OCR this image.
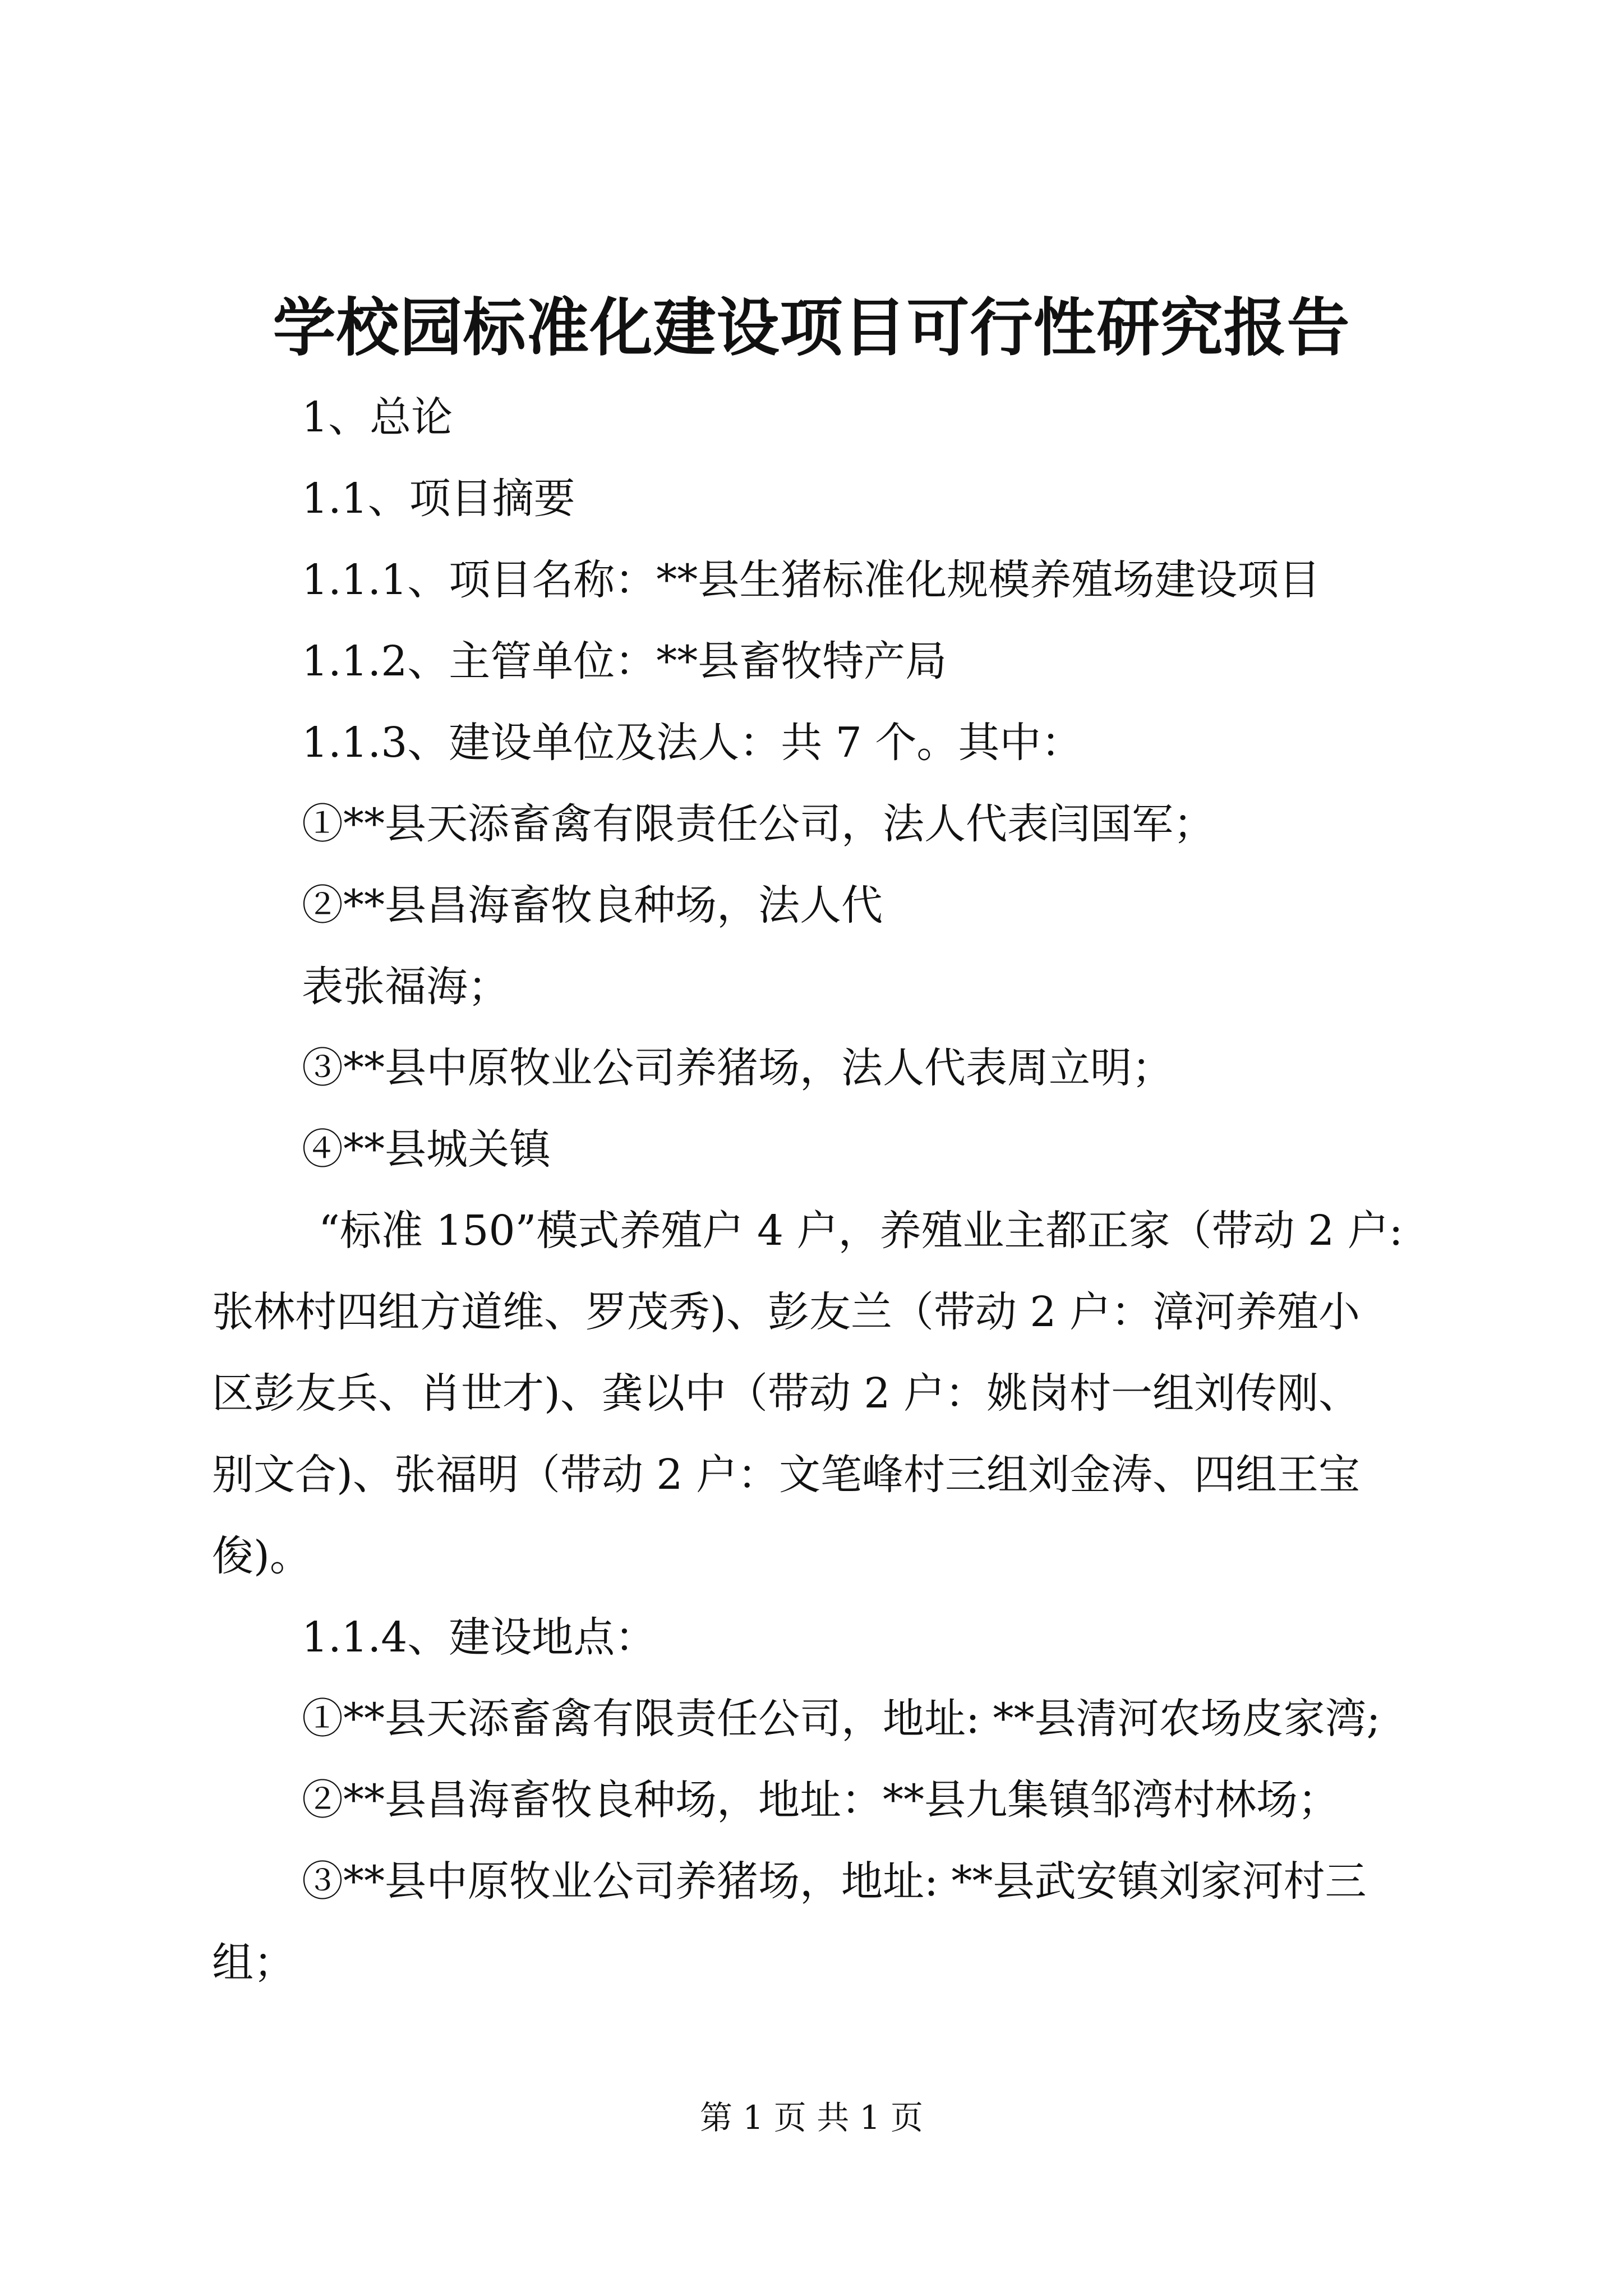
学校园标准化建设项目可行性研究报告
1、总论
1.1、项目摘要
1.1.1、项目名称：**县生猪标准化规模养殖场建设项目
1.1.2、主管单位：**县畜牧特产局
1.1.3、建设单位及法人：共 7 个。其中：
①**县天添畜禽有限责任公司，法人代表闫国军；
②**县昌海畜牧良种场，法人代
表张福海；
③**县中原牧业公司养猪场，法人代表周立明；
④**县城关镇
“标准 150”模式养殖户 4 户，养殖业主都正家（带动 2 户:
张林村四组方道维、罗茂秀)、彭友兰（带动 2 户：漳河养殖小
区彭友兵、肖世才)、龚以中（带动 2 户：姚岗村一组刘传刚、
别文合)、张福明（带动 2 户：文笔峰村三组刘金涛、四组王宝
俊)。
1.1.4、建设地点：
①**县天添畜禽有限责任公司，地址: **县清河农场皮家湾;
②**县昌海畜牧良种场，地址：**县九集镇邹湾村林场；
③**县中原牧业公司养猪场，地址: **县武安镇刘家河村三
组；
第 1 页 共 1 页
